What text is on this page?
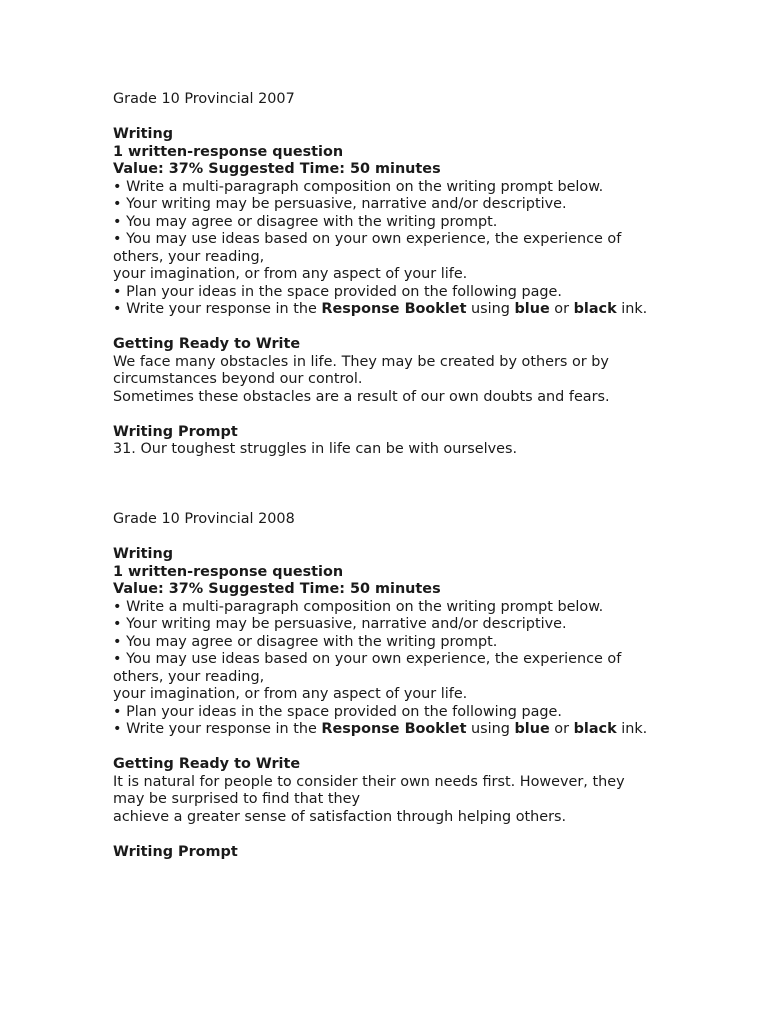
Grade 10 Provincial 2007
Writing
1 written-response question
Value: 37% Suggested Time: 50 minutes
• Write a multi-paragraph composition on the writing prompt below.
• Your writing may be persuasive, narrative and/or descriptive.
• You may agree or disagree with the writing prompt.
• You may use ideas based on your own experience, the experience of others, your reading,
your imagination, or from any aspect of your life.
• Plan your ideas in the space provided on the following page.
• Write your response in the Response Booklet using blue or black ink.
Getting Ready to Write
We face many obstacles in life. They may be created by others or by circumstances beyond our control.
Sometimes these obstacles are a result of our own doubts and fears.
Writing Prompt
31. Our toughest struggles in life can be with ourselves.
Grade 10 Provincial 2008
Writing
1 written-response question
Value: 37% Suggested Time: 50 minutes
• Write a multi-paragraph composition on the writing prompt below.
• Your writing may be persuasive, narrative and/or descriptive.
• You may agree or disagree with the writing prompt.
• You may use ideas based on your own experience, the experience of others, your reading,
your imagination, or from any aspect of your life.
• Plan your ideas in the space provided on the following page.
• Write your response in the Response Booklet using blue or black ink.
Getting Ready to Write
It is natural for people to consider their own needs first. However, they may be surprised to find that they
achieve a greater sense of satisfaction through helping others.
Writing Prompt
